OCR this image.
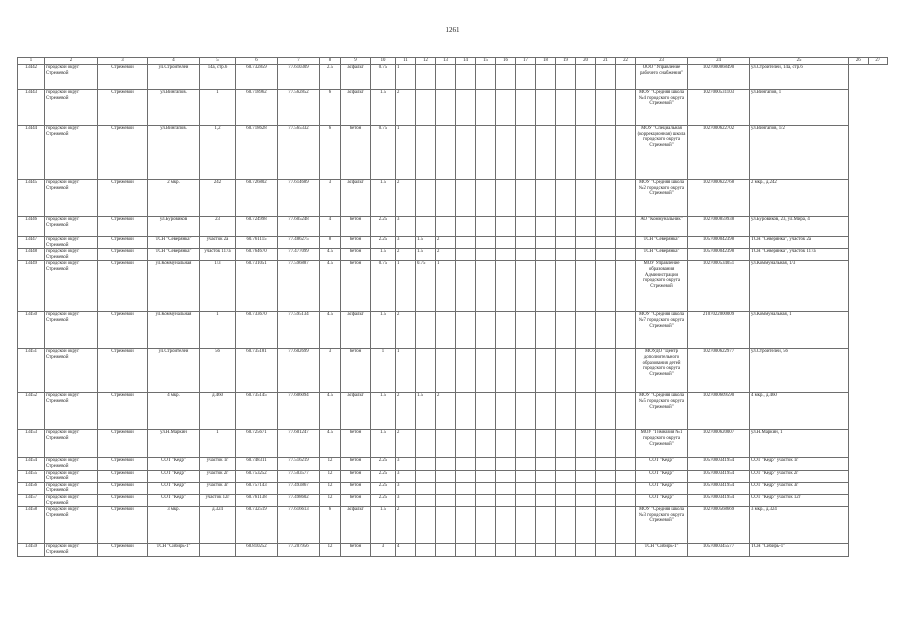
1261
1	2	3	4	5	6	7	8	9	10	11	12	13	14	15	16	17	18	19	20	21	22	23	24	25	26	27
13442	городской округ Стрежевой	Стрежевой	ул.Строителей	14а, стр.6	60.732859	77.610309	2.5	асфальт	0.75	1												ООО "Управление рабочего снабжения"	1027000868490	ул.Строителей, 14а, стр.6		
13443	городской округ Стрежевой	Стрежевой	ул.Вингапов.	1	60.718962	77.562852	6	асфальт	1.5	2												МОУ "Средняя школа №4 городского округа Стрежевой"	1027000531103	ул.Вингапов, 1		
13444	городской округ Стрежевой	Стрежевой	ул.Вингапов.	1,2	60.718628	77.565332	6	бетон	0.75	1												МОУ "Специальная (коррекционная) школа городского округа Стрежевой"	1027000622702	ул.Вингапов, 1/2		
13445	городской округ Стрежевой	Стрежевой	2 мкр.	242	60.726802	77.614689	3	асфальт	1.5	2												МОУ "Средняя школа №2 городского округа Стрежевой"	1027000622768	2 мкр., д.242		
13446	городской округ Стрежевой	Стрежевой	ул.Буровиков	23	60.724998	77.605248	4	бетон	2.25	3												АО "Коммунальник"	1027000859938	ул.Буровиков, 23, ул.Мира, 4		
13447	городской округ Стрежевой	Стрежевой	ТСН "Северянка"	участок 2а	60.761115	77.486275	8	бетон	2.25	3	1.5	2										ТСН "Северянка"	1057000042398	ТСН "Северянка", участок 2а		
13448	городской округ Стрежевой	Стрежевой	ТСН "Северянка"	участок 117а	60.764670	77.477099	4.5	бетон	1.5	2	1.5	2										ТСН "Северянка"	1057000042398	ТСН "Северянка", участок 117а		
13449	городской округ Стрежевой	Стрежевой	ул.Коммунальная	1/3	60.731051	77.596887	4.5	бетон	0.75	1	0.75	1										МОУ Управление образования Администрации городского округа Стрежевой	1027000534051	ул.Коммунальная, 1/3		
13450	городской округ Стрежевой	Стрежевой	ул.Коммунальная	1	60.733670	77.595134	4.5	асфальт	1.5	2												МОУ "Средняя школа №7 городского округа Стрежевой"	2107022000009	ул.Коммунальная, 1		
13451	городской округ Стрежевой	Стрежевой	ул.Строителей	56	60.735181	77.602699	3	бетон	1	1												МОУДО "Центр дополнительного образования детей городского округа Стрежевой"	1027000622977	ул.Строителей, 56		
13452	городской округ Стрежевой	Стрежевой	4 мкр.	д.460	60.735145	77.606094	4.5	асфальт	1.5	2	1.5	2										МОУ "Средняя школа №5 городского округа Стрежевой"	1027000609590	4 мкр., д.460		
13453	городской округ Стрежевой	Стрежевой	ул.Н.Маркин	1	60.725671	77.601247	4.5	бетон	1.5	2												МОУ "Гимназия №1 городского округа Стрежевой"	1027000620007	ул.Н.Маркин, 1		
13454	городской округ Стрежевой	Стрежевой	СОТ "Кедр"	участок 1г	60.748311	77.516219	12	бетон	2.25	3												СОТ "Кедр"	1057000341954	СОТ "Кедр" участок 1г		
13455	городской округ Стрежевой	Стрежевой	СОТ "Кедр"	участок 2г	60.753252	77.503577	12	бетон	2.25	3												СОТ "Кедр"	1057000341954	СОТ "Кедр" участок 2г		
13456	городской округ Стрежевой	Стрежевой	СОТ "Кедр"	участок 3г	60.757143	77.493867	12	бетон	2.25	3												СОТ "Кедр"	1057000341954	СОТ "Кедр" участок 3г		
13457	городской округ Стрежевой	Стрежевой	СОТ "Кедр"	участок 12г	60.761138	77.498602	12	бетон	2.25	3												СОТ "Кедр"	1057000341954	СОТ "Кедр" участок 12г		
13458	городской округ Стрежевой	Стрежевой	3 мкр.	д.324	60.732519	77.616613	6	асфальт	1.5	2												МОУ "Средняя школа №3 городского округа Стрежевой"	1027000568669	3 мкр., д.324		
13459	городской округ Стрежевой	Стрежевой	ТСН "Сибирь-1"		60.810252	77.207956	12	бетон	3	4												ТСН "Сибирь-1"	1057000345577	ТСН "Сибирь-1"		
